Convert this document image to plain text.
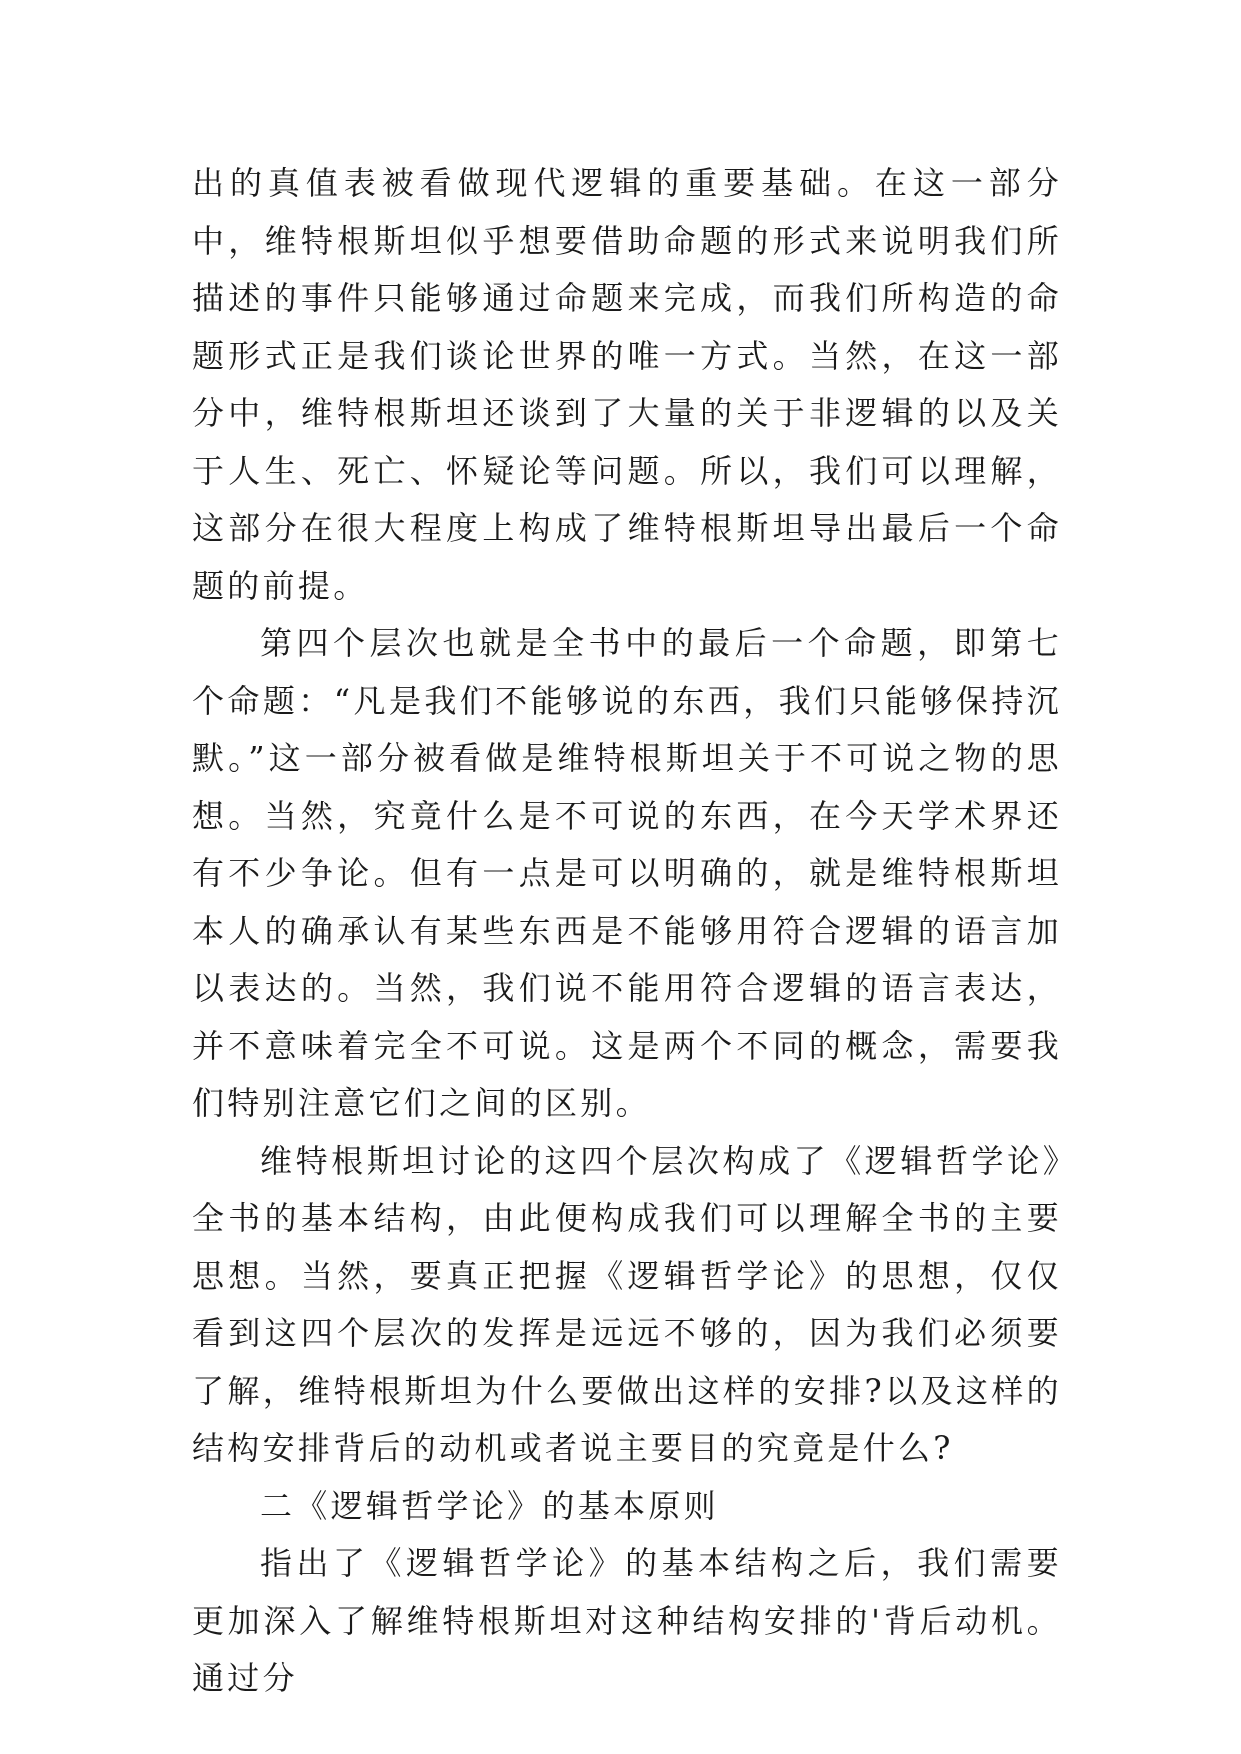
出的真值表被看做现代逻辑的重要基础。在这一部分中，维特根斯坦似乎想要借助命题的形式来说明我们所描述的事件只能够通过命题来完成，而我们所构造的命题形式正是我们谈论世界的唯一方式。当然，在这一部分中，维特根斯坦还谈到了大量的关于非逻辑的以及关于人生、死亡、怀疑论等问题。所以，我们可以理解，这部分在很大程度上构成了维特根斯坦导出最后一个命题的前提。

第四个层次也就是全书中的最后一个命题，即第七个命题：“凡是我们不能够说的东西，我们只能够保持沉默。”这一部分被看做是维特根斯坦关于不可说之物的思想。当然，究竟什么是不可说的东西，在今天学术界还有不少争论。但有一点是可以明确的，就是维特根斯坦本人的确承认有某些东西是不能够用符合逻辑的语言加以表达的。当然，我们说不能用符合逻辑的语言表达，并不意味着完全不可说。这是两个不同的概念，需要我们特别注意它们之间的区别。

维特根斯坦讨论的这四个层次构成了《逻辑哲学论》全书的基本结构，由此便构成我们可以理解全书的主要思想。当然，要真正把握《逻辑哲学论》的思想，仅仅看到这四个层次的发挥是远远不够的，因为我们必须要了解，维特根斯坦为什么要做出这样的安排?以及这样的结构安排背后的动机或者说主要目的究竟是什么?

二《逻辑哲学论》的基本原则

指出了《逻辑哲学论》的基本结构之后，我们需要更加深入了解维特根斯坦对这种结构安排的'背后动机。通过分
